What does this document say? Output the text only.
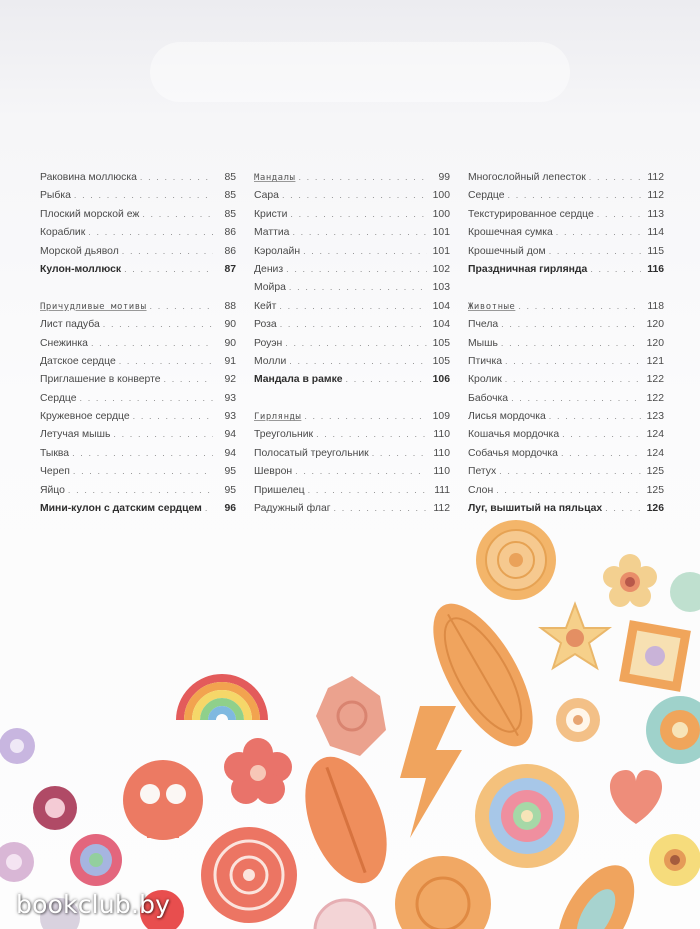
Раковина моллюска . . .	85
Рыбка . . .	85
Плоский морской еж . . .	85
Кораблик . . .	86
Морской дьявол . . .	86
Кулон-моллюск . . .	87
Причудливые мотивы . . .	88
Лист падуба . . .	90
Снежинка . . .	90
Датское сердце . . .	91
Приглашение в конверте . . .	92
Сердце . . .	93
Кружевное сердце . . .	93
Летучая мышь . . .	94
Тыква . . .	94
Череп . . .	95
Яйцо . . .	95
Мини-кулон с датским сердцем . . .	96
Мандалы . . .	99
Сара . . .	100
Кристи . . .	100
Маттиа . . .	101
Кэролайн . . .	101
Дениз . . .	102
Мойра . . .	103
Кейт . . .	104
Роза . . .	104
Роуэн . . .	105
Молли . . .	105
Мандала в рамке . . .	106
Гирлянды . . .	109
Треугольник . . .	110
Полосатый треугольник . . .	110
Шеврон . . .	110
Пришелец . . .	111
Радужный флаг . . .	112
Многослойный лепесток . . .	112
Сердце . . .	112
Текстурированное сердце . . .	113
Крошечная сумка . . .	114
Крошечный дом . . .	115
Праздничная гирлянда . . .	116
Животные . . .	118
Пчела . . .	120
Мышь . . .	120
Птичка . . .	121
Кролик . . .	122
Бабочка . . .	122
Лисья мордочка . . .	123
Кошачья мордочка . . .	124
Собачья мордочка . . .	124
Петух . . .	125
Слон . . .	125
Луг, вышитый на пяльцах . . .	126
bookclub.by
